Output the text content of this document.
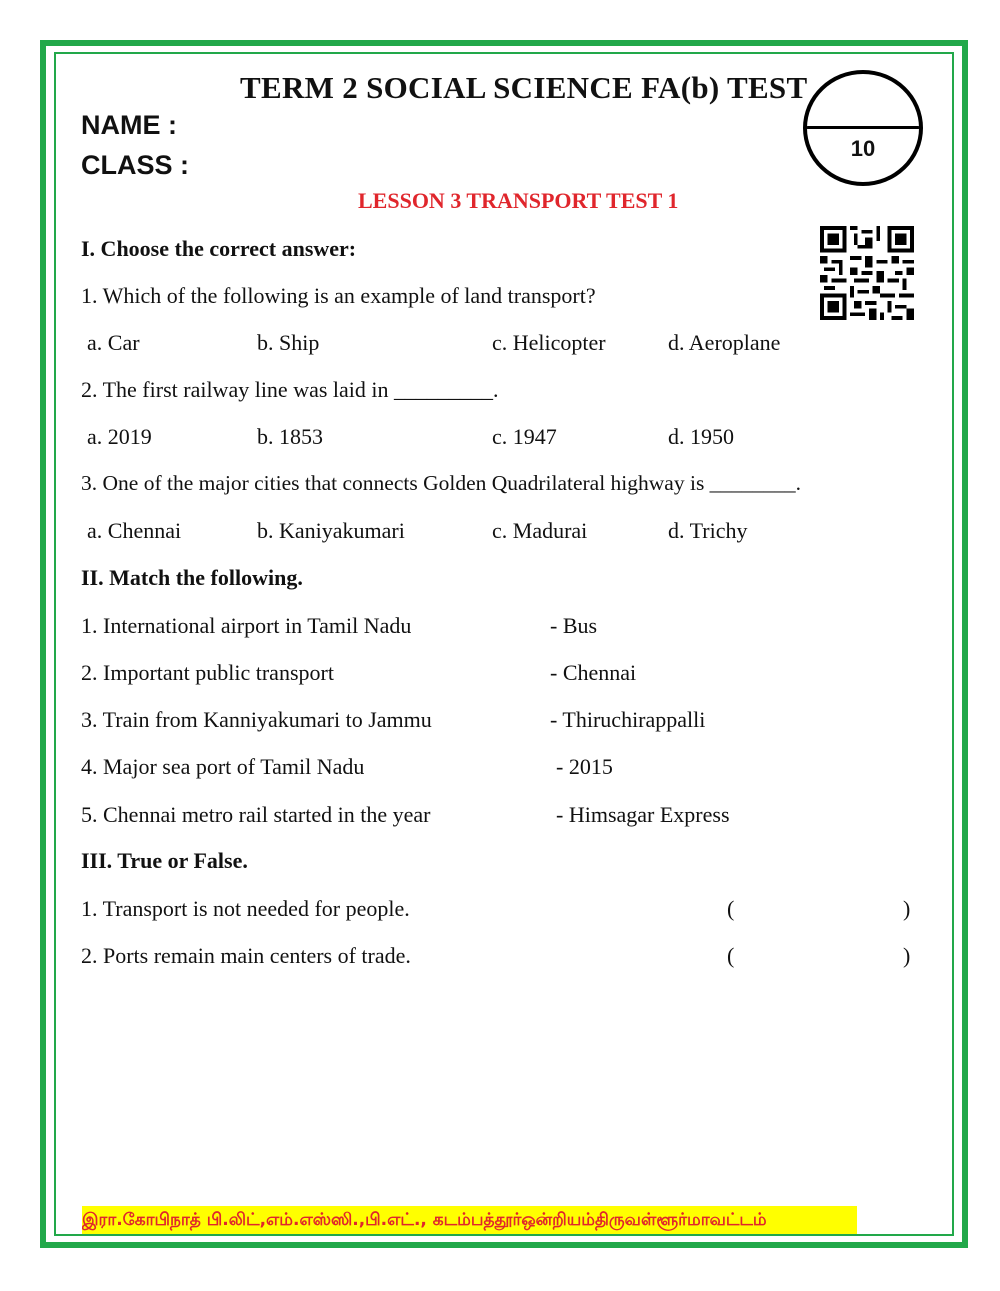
TERM 2 SOCIAL SCIENCE FA(b) TEST
NAME :
CLASS :
LESSON 3 TRANSPORT TEST 1
10
I. Choose the correct answer:
1. Which of the following is an example of land transport?
a. Car	b. Ship	c. Helicopter	d. Aeroplane
2. The first railway line was laid in _________.
a. 2019	b. 1853	c. 1947	d. 1950
3. One of the major cities that connects Golden Quadrilateral highway is ________.
a. Chennai	b. Kaniyakumari	c. Madurai	d. Trichy
II. Match the following.
1. International airport in Tamil Nadu	- Bus
2. Important public transport	- Chennai
3. Train from Kanniyakumari to Jammu	- Thiruchirappalli
4. Major sea port of Tamil Nadu	- 2015
5. Chennai metro rail started in the year	- Himsagar Express
III. True or False.
1. Transport is not needed for people.	(	)
2. Ports remain main centers of trade.	(	)
இரா.கோபிநாத் பி.லிட்,எம்.எஸ்ஸி.,பி.எட்., கடம்பத்தூர்ஒன்றியம்திருவள்ளூர்மாவட்டம்
